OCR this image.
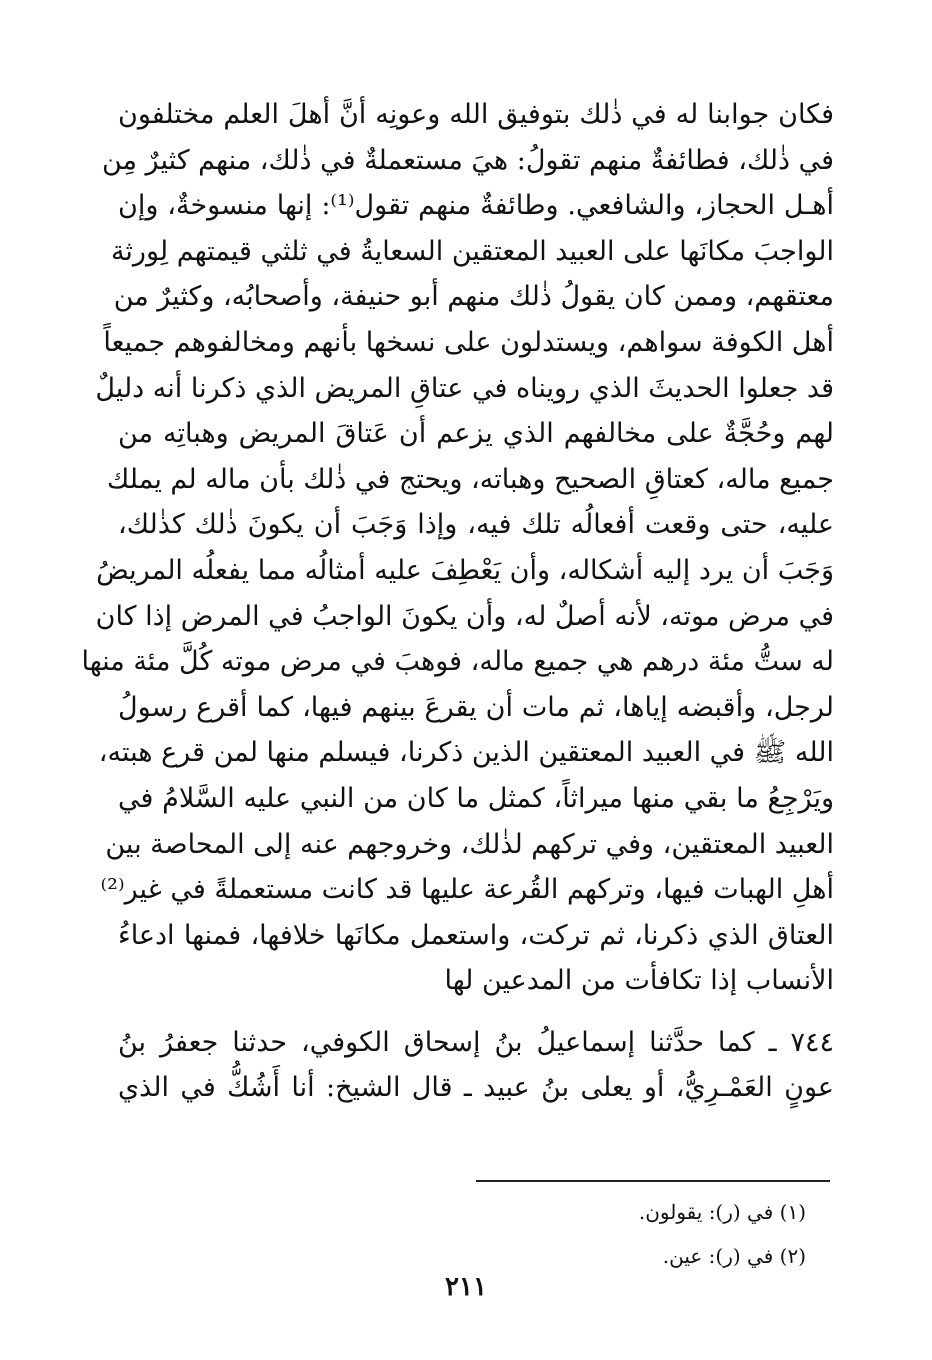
فكان جوابنا له في ذٰلك بتوفيق الله وعونِه أنَّ أهلَ العلم مختلفون
في ذٰلك، فطائفةٌ منهم تقولُ: هيَ مستعملةٌ في ذٰلك، منهم كثيرٌ مِن
أهـل الحجاز، والشافعي. وطائفةٌ منهم تقول⁽¹⁾: إنها منسوخةٌ، وإن
الواجبَ مكانَها على العبيد المعتقين السعايةُ في ثلثي قيمتهم لِورثة
معتقهم، وممن كان يقولُ ذٰلك منهم أبو حنيفة، وأصحابُه، وكثيرٌ من
أهل الكوفة سواهم، ويستدلون على نسخها بأنهم ومخالفوهم جميعاً
قد جعلوا الحديثَ الذي رويناه في عتاقِ المريض الذي ذكرنا أنه دليلٌ
لهم وحُجَّةٌ على مخالفهم الذي يزعم أن عَتاقَ المريض وهباتِه من
جميع ماله، كعتاقِ الصحيح وهباته، ويحتج في ذٰلك بأن ماله لم يملك
عليه، حتى وقعت أفعالُه تلك فيه، وإذا وَجَبَ أن يكونَ ذٰلك كذٰلك،
وَجَبَ أن يرد إليه أشكاله، وأن يَعْطِفَ عليه أمثالُه مما يفعلُه المريضُ
في مرض موته، لأنه أصلٌ له، وأن يكونَ الواجبُ في المرض إذا كان
له ستُّ مئة درهم هي جميع ماله، فوهبَ في مرض موته كُلَّ مئة منها
لرجل، وأقبضه إياها، ثم مات أن يقرعَ بينهم فيها، كما أقرع رسولُ
الله ﷺ في العبيد المعتقين الذين ذكرنا، فيسلم منها لمن قرع هبته،
ويَرْجِعُ ما بقي منها ميراثاً، كمثل ما كان من النبي عليه السَّلامُ في
العبيد المعتقين، وفي تركهم لذٰلك، وخروجهم عنه إلى المحاصة بين
أهلِ الهبات فيها، وتركهم القُرعة عليها قد كانت مستعملةً في غير⁽²⁾
العتاق الذي ذكرنا، ثم تركت، واستعمل مكانَها خلافها، فمنها ادعاءُ
الأنساب إذا تكافأت من المدعين لها
٧٤٤ ـ كما حدَّثنا إسماعيلُ بنُ إسحاق الكوفي، حدثنا جعفرُ بنُ
عونٍ العَمْـرِيُّ، أو يعلى بنُ عبيد ـ قال الشيخ: أنا أَشُكُّ في الذي
(١) في (ر): يقولون.
(٢) في (ر): عين.
٢١١
